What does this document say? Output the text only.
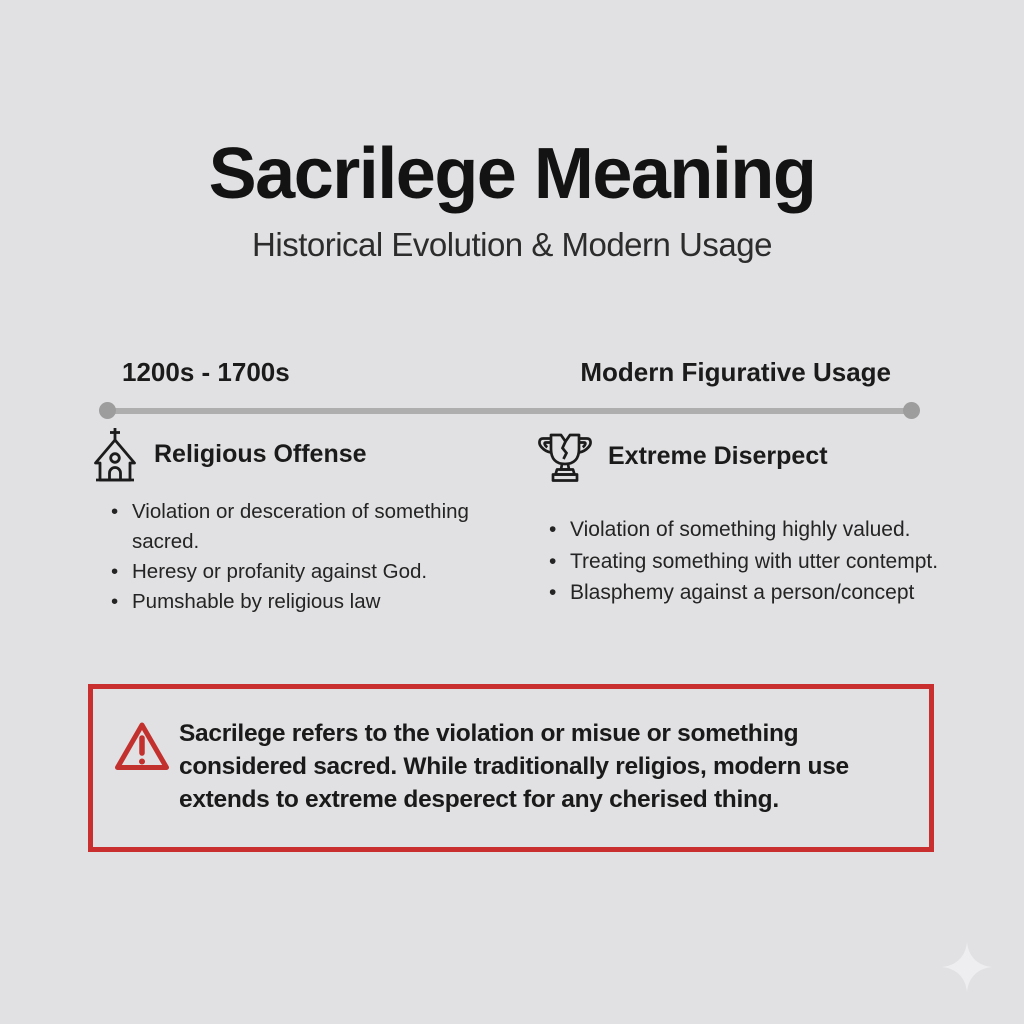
Sacrilege Meaning
Historical Evolution & Modern Usage
1200s - 1700s	Modern Figurative Usage
Religious Offense
• Violation or desceration of something sacred.
• Heresy or profanity against God.
• Pumshable by religious law
Extreme Diserpect
• Violation of something highly valued.
• Treating something with utter contempt.
• Blasphemy against a person/concept
Sacrilege refers to the violation or misue or something
considered sacred. While traditionally religios, modern use
extends to extreme desperect for any cherised thing.
